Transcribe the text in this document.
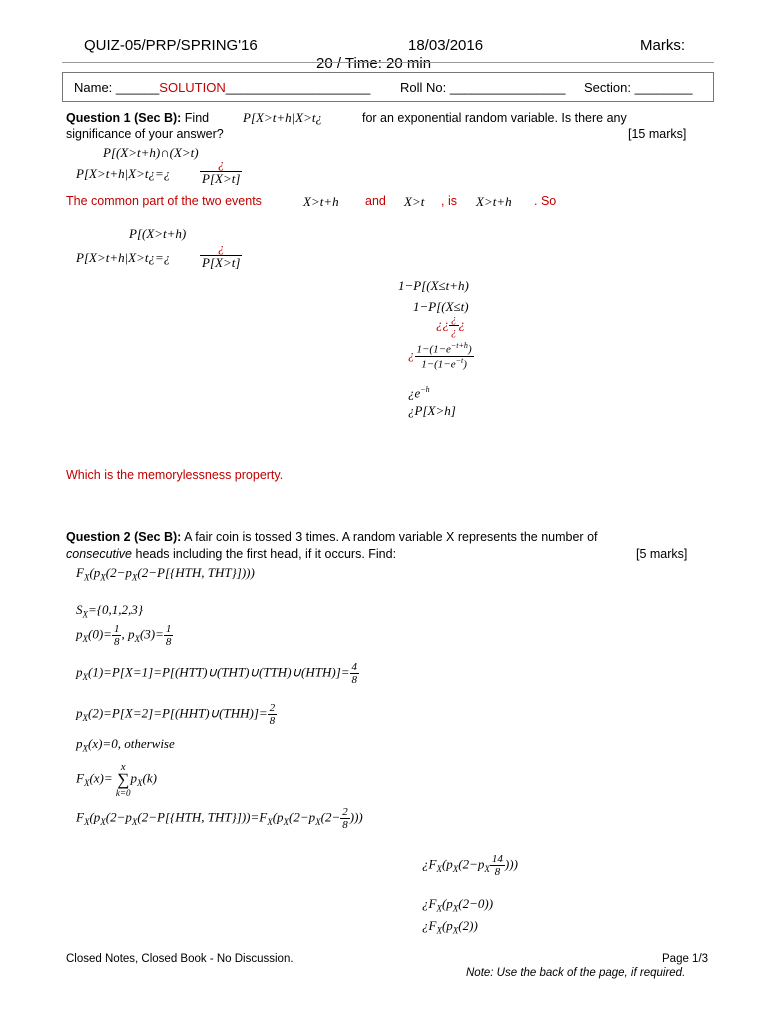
QUIZ-05/PRP/SPRING'16	18/03/2016	Marks:
20 / Time: 20 min
Name: ______SOLUTION____________________ Roll No: ________________ Section: ________
Question 1 (Sec B): Find	P[X>t+h|X>t¿	for an exponential random variable. Is there any
significance of your answer?	[15 marks]
P[(X>t+h)∩(X>t)
P[X>t+h|X>t¿=¿ $\frac{¿}{P[X>t]}$
The common part of the two events	X>t+h and X>t , is X>t+h . So
P[(X>t+h)
P[X>t+h|X>t¿=¿ $\frac{¿}{P[X>t]}$
1−P[(X≤t+h)
1−P[(X≤t)
¿¿ $\frac{¿}{¿}$ ¿
¿ $\frac{1-(1-e^{-t+h})}{1-(1-e^{-t})}$
¿$e^{-h}$
¿P[X>h]
Which is the memorylessness property.
Question 2 (Sec B): A fair coin is tossed 3 times. A random variable X represents the number of
consecutive heads including the first head, if it occurs. Find:	[5 marks]
$F_X(p_X(2-p_X(2-P[\{HTH$, THT}])))
$S_X=\{0,1,2,3\}$
$p_X(0)= \frac{1}{8}$ , $p_X(3)= \frac{1}{8}$
$p_X(1)=P[X=1]=P[(HTT)\cup(THT)\cup(TTH)\cup(HTH)]= \frac{4}{8}$
$p_X(2)=P[X=2]=P[(HHT)\cup(THH)]= \frac{2}{8}$
$p_X(x)=0$, otherwise
$F_X(x)=$
x
∑
k=0
$p_X(k)$
$F_X(p_X(2-p_X(2-P[\{HTH$, $THT\}]))=F_X(p_X(2-p_X(2- \frac{2}{8}$ )))
¿$F_X(p_X(2-p_X \frac{14}{8}$ )))
¿$F_X(p_X(2-0))$
¿$F_X(p_X(2))$
Closed Notes, Closed Book - No Discussion.	Page 1/3
Note: Use the back of the page, if required.
